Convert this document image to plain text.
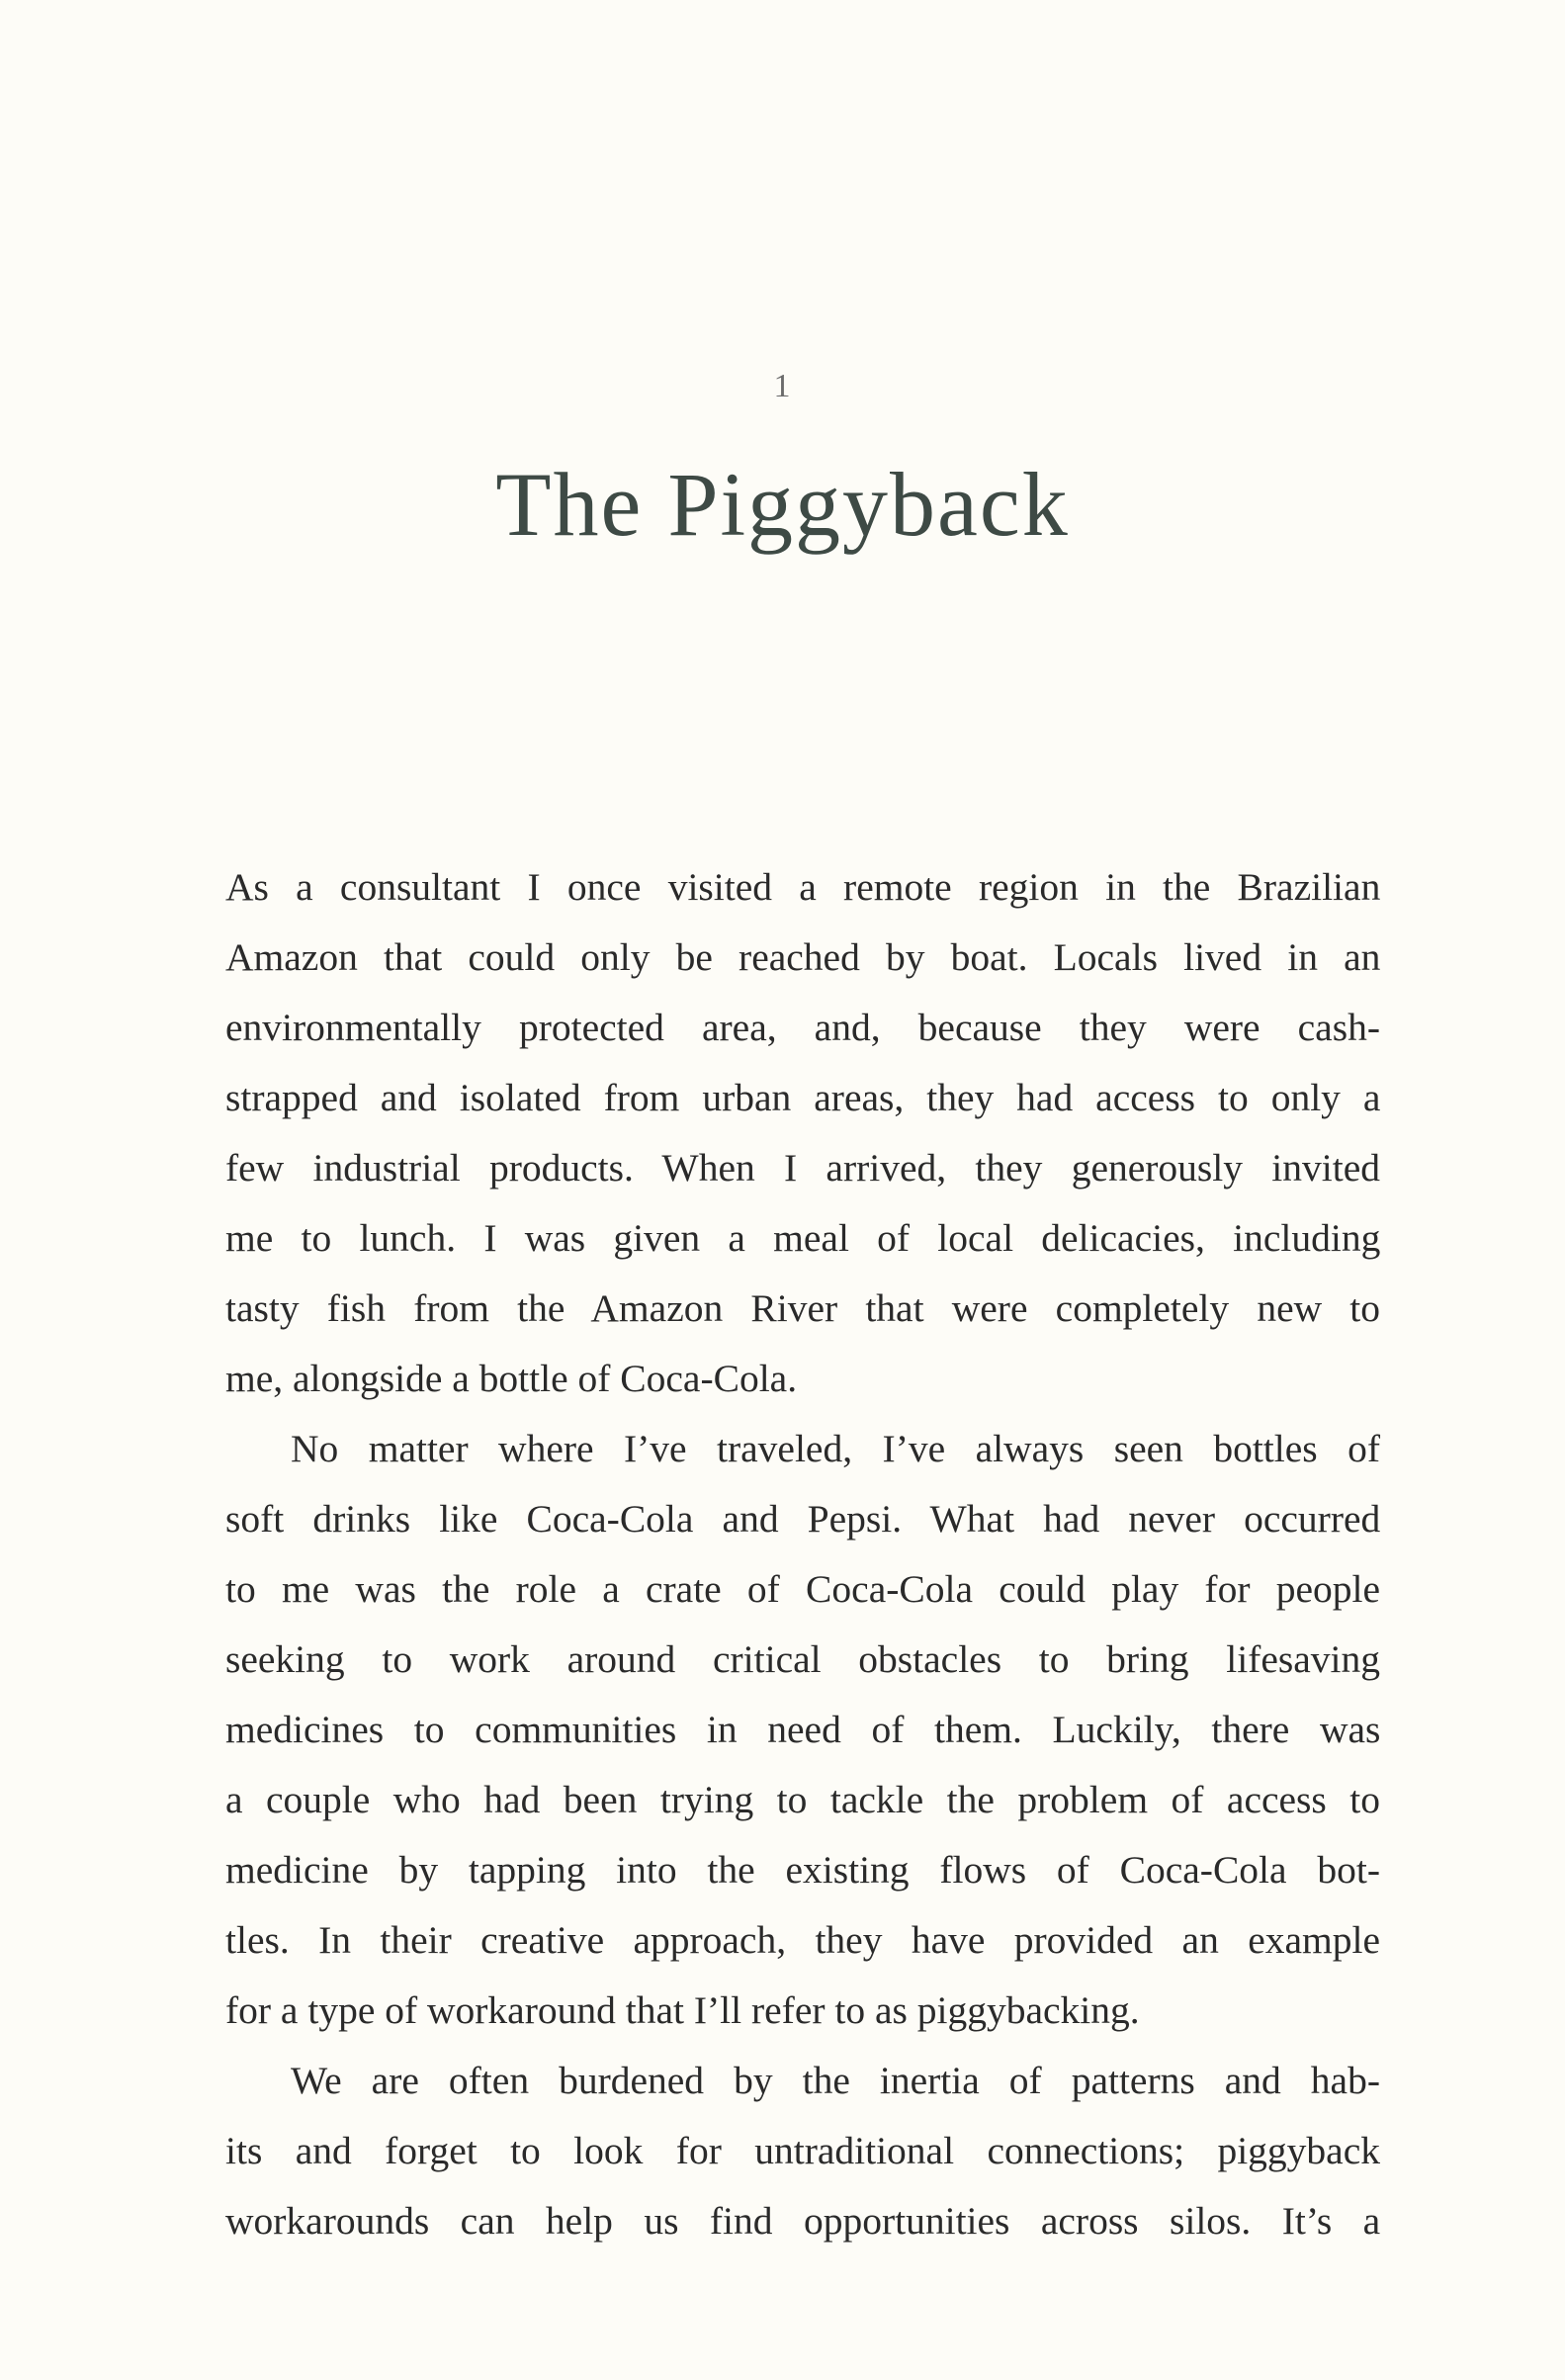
1
The Piggyback
As a consultant I once visited a remote region in the Brazilian
Amazon that could only be reached by boat. Locals lived in an
environmentally protected area, and, because they were cash-
strapped and isolated from urban areas, they had access to only a
few industrial products. When I arrived, they generously invited
me to lunch. I was given a meal of local delicacies, including
tasty fish from the Amazon River that were completely new to
me, alongside a bottle of Coca-Cola.
No matter where I’ve traveled, I’ve always seen bottles of
soft drinks like Coca-Cola and Pepsi. What had never occurred
to me was the role a crate of Coca-Cola could play for people
seeking to work around critical obstacles to bring lifesaving
medicines to communities in need of them. Luckily, there was
a couple who had been trying to tackle the problem of access to
medicine by tapping into the existing flows of Coca-Cola bot-
tles. In their creative approach, they have provided an example
for a type of workaround that I’ll refer to as piggybacking.
We are often burdened by the inertia of patterns and hab-
its and forget to look for untraditional connections; piggyback
workarounds can help us find opportunities across silos. It’s a
